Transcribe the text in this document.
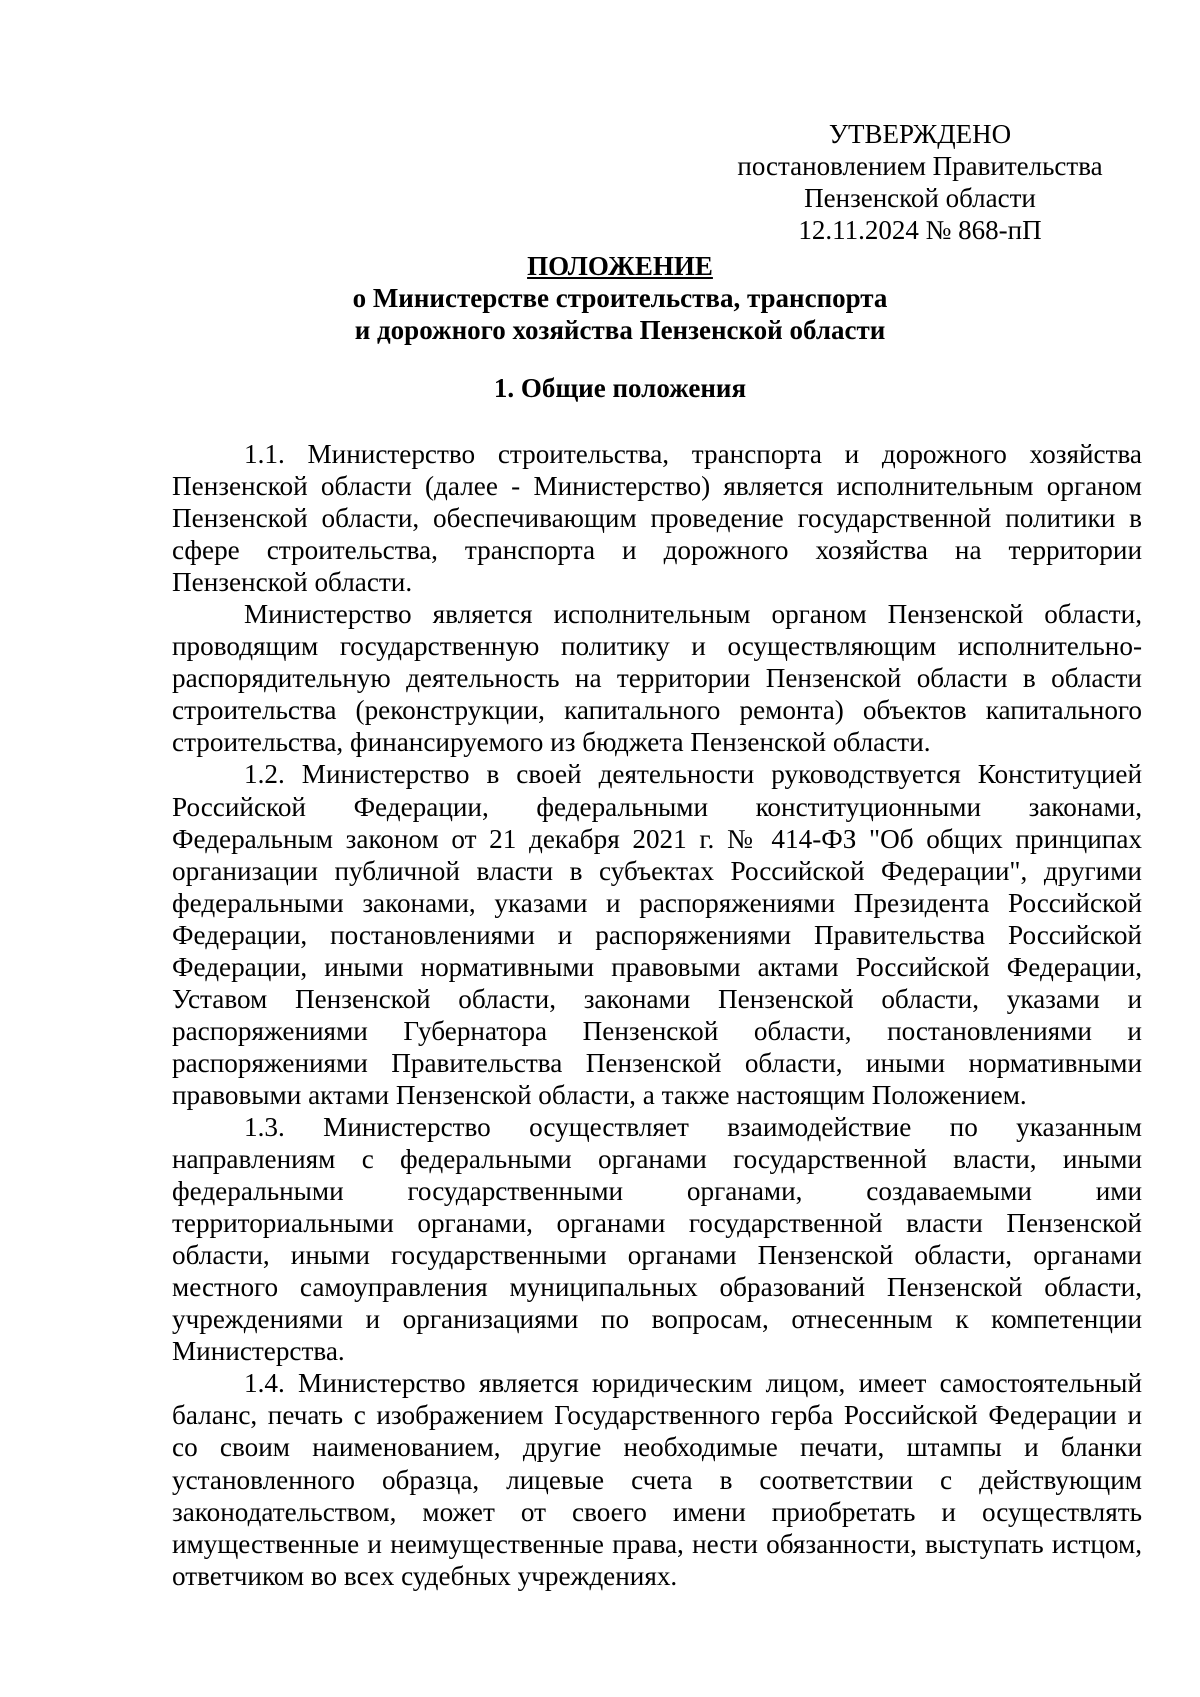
УТВЕРЖДЕНО
постановлением Правительства
Пензенской области
12.11.2024 № 868-пП
ПОЛОЖЕНИЕ
о Министерстве строительства, транспорта
и дорожного хозяйства Пензенской области
1. Общие положения

1.1. Министерство строительства, транспорта и дорожного хозяйства Пензенской области (далее - Министерство) является исполнительным органом Пензенской области, обеспечивающим проведение государственной политики в сфере строительства, транспорта и дорожного хозяйства на территории Пензенской области.

Министерство является исполнительным органом Пензенской области, проводящим государственную политику и осуществляющим исполнительно-распорядительную деятельность на территории Пензенской области в области строительства (реконструкции, капитального ремонта) объектов капитального строительства, финансируемого из бюджета Пензенской области.

1.2. Министерство в своей деятельности руководствуется Конституцией Российской Федерации, федеральными конституционными законами, Федеральным законом от 21 декабря 2021 г. № 414-ФЗ "Об общих принципах организации публичной власти в субъектах Российской Федерации", другими федеральными законами, указами и распоряжениями Президента Российской Федерации, постановлениями и распоряжениями Правительства Российской Федерации, иными нормативными правовыми актами Российской Федерации, Уставом Пензенской области, законами Пензенской области, указами и распоряжениями Губернатора Пензенской области, постановлениями и распоряжениями Правительства Пензенской области, иными нормативными правовыми актами Пензенской области, а также настоящим Положением.

1.3. Министерство осуществляет взаимодействие по указанным направлениям с федеральными органами государственной власти, иными федеральными государственными органами, создаваемыми ими территориальными органами, органами государственной власти Пензенской области, иными государственными органами Пензенской области, органами местного самоуправления муниципальных образований Пензенской области, учреждениями и организациями по вопросам, отнесенным к компетенции Министерства.

1.4. Министерство является юридическим лицом, имеет самостоятельный баланс, печать с изображением Государственного герба Российской Федерации и со своим наименованием, другие необходимые печати, штампы и бланки установленного образца, лицевые счета в соответствии с действующим законодательством, может от своего имени приобретать и осуществлять имущественные и неимущественные права, нести обязанности, выступать истцом, ответчиком во всех судебных учреждениях.
